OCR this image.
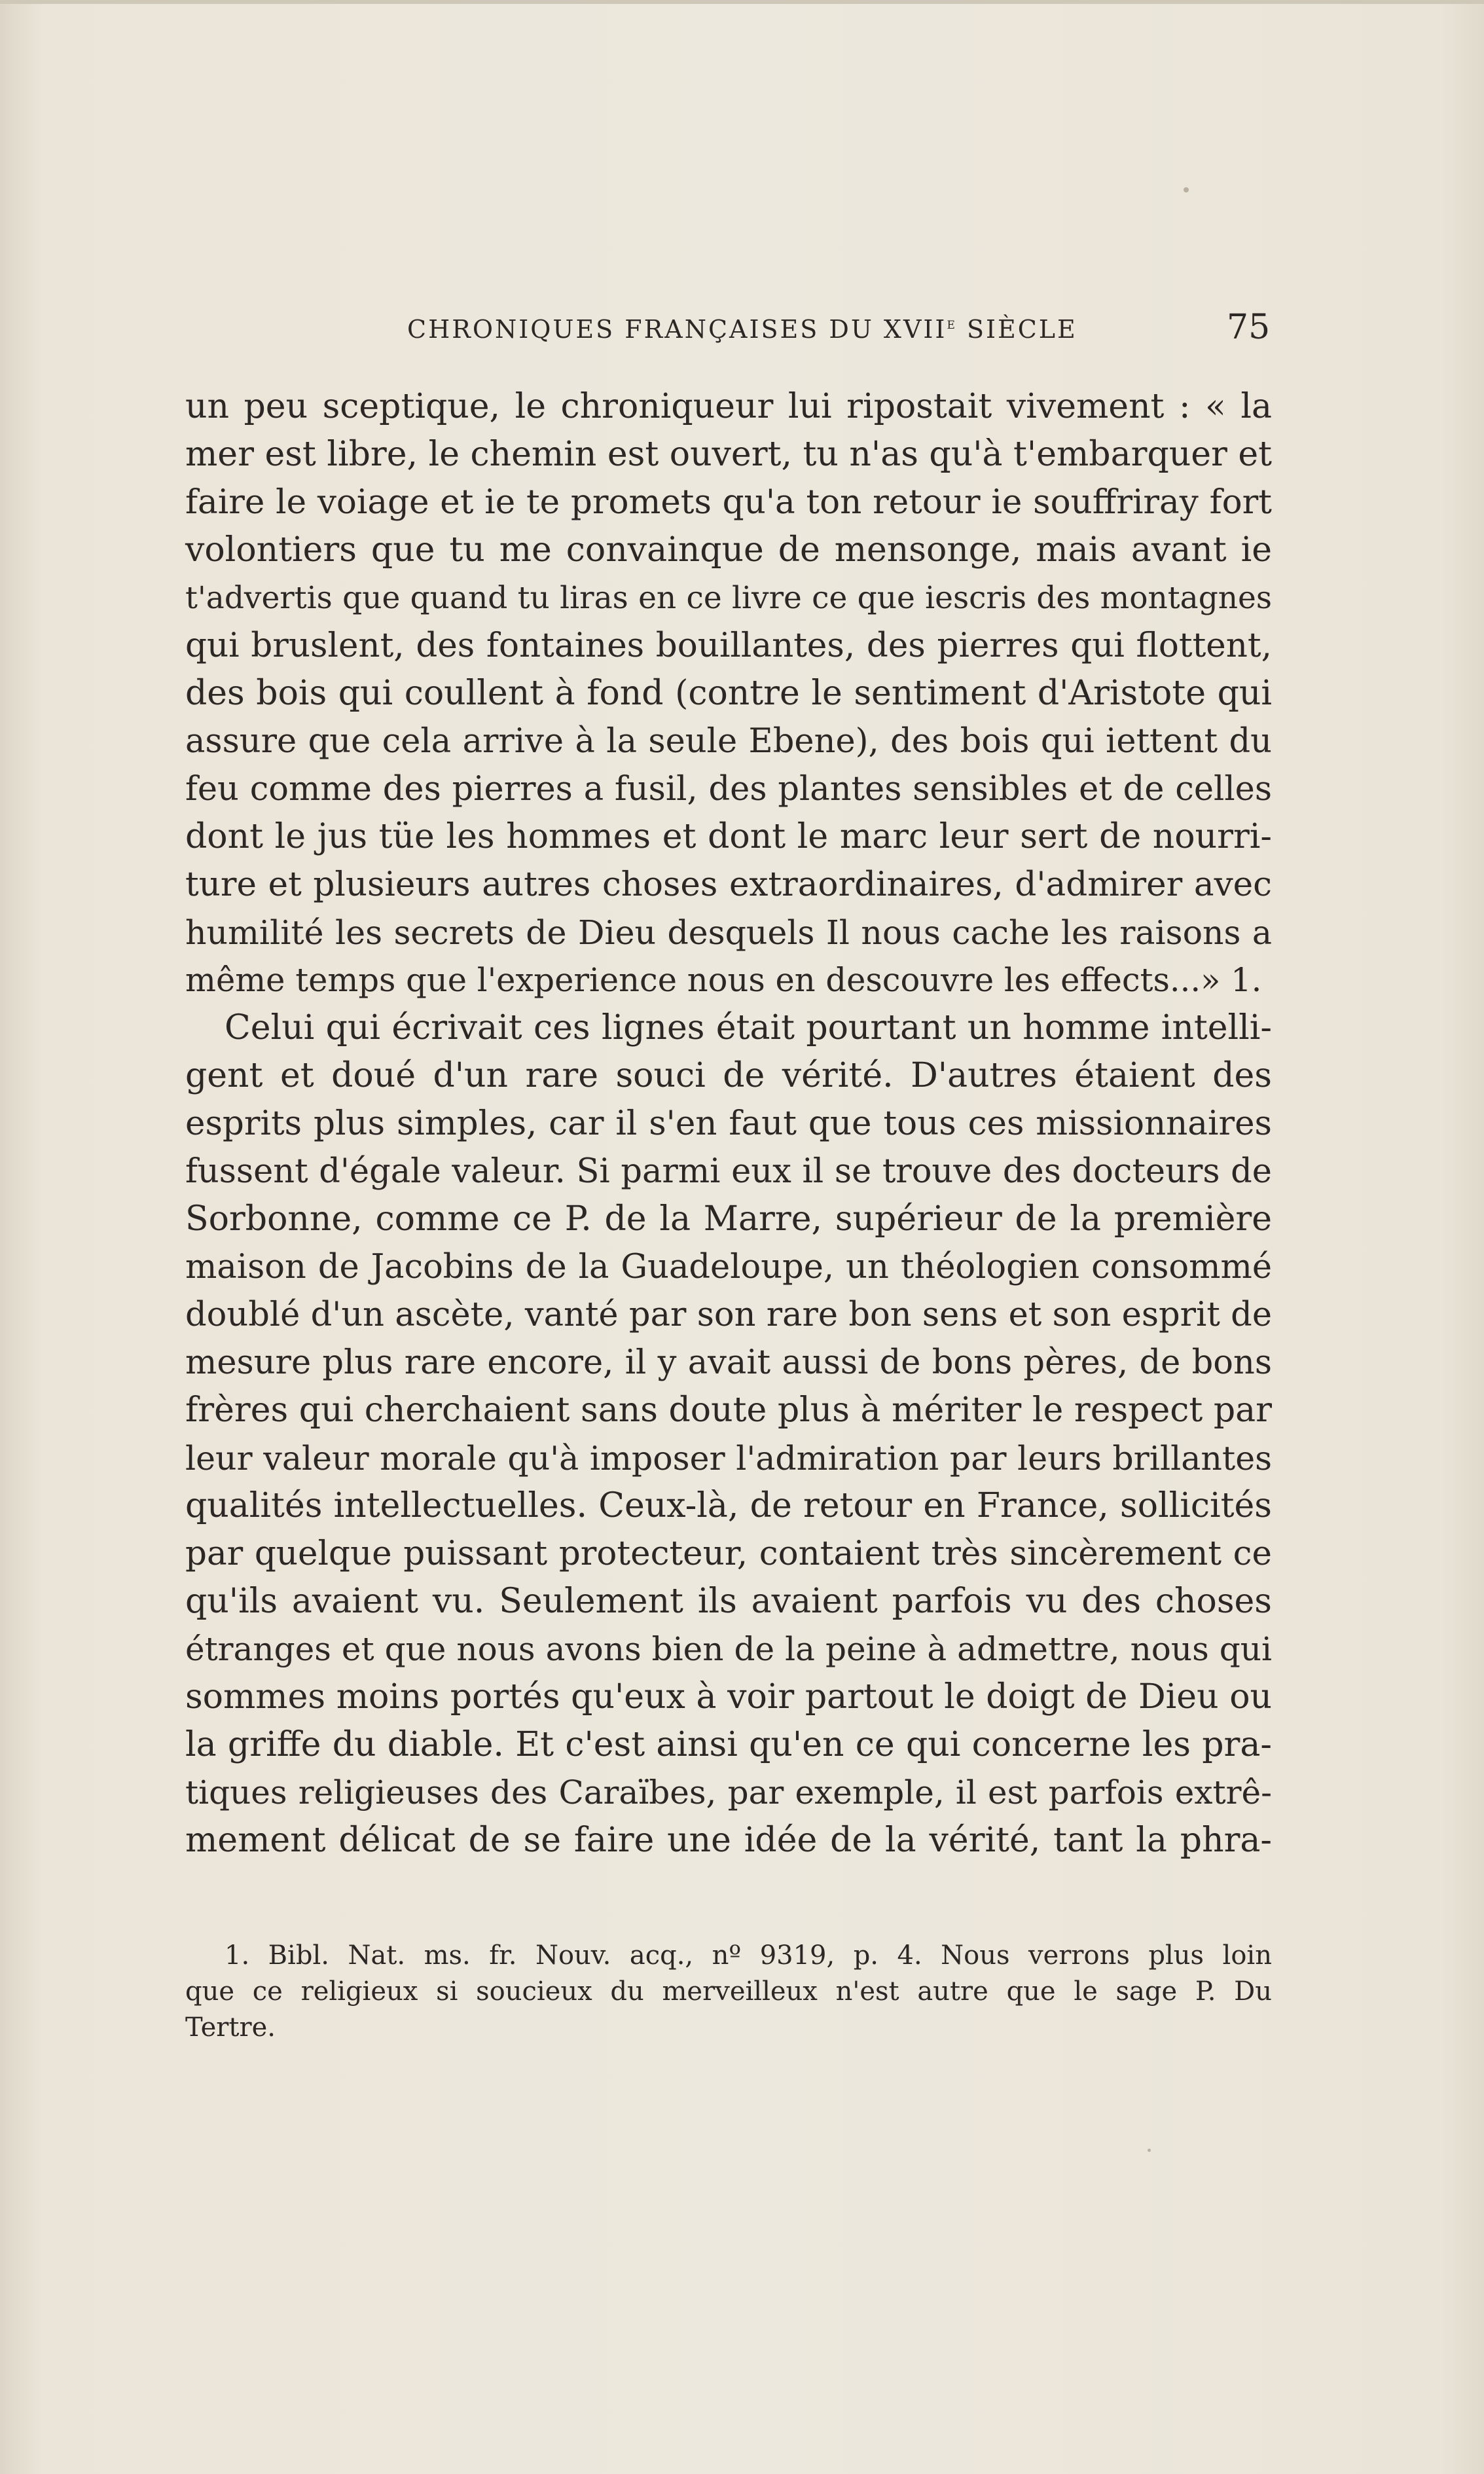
CHRONIQUES FRANÇAISES DU XVIIe SIÈCLE	75
un peu sceptique, le chroniqueur lui ripostait vivement : « la
mer est libre, le chemin est ouvert, tu n'as qu'à t'embarquer et
faire le voiage et ie te promets qu'a ton retour ie souffriray fort
volontiers que tu me convainque de mensonge, mais avant ie
t'advertis que quand tu liras en ce livre ce que iescris des montagnes
qui bruslent, des fontaines bouillantes, des pierres qui flottent,
des bois qui coullent à fond (contre le sentiment d'Aristote qui
assure que cela arrive à la seule Ebene), des bois qui iettent du
feu comme des pierres a fusil, des plantes sensibles et de celles
dont le jus tüe les hommes et dont le marc leur sert de nourri-
ture et plusieurs autres choses extraordinaires, d'admirer avec
humilité les secrets de Dieu desquels Il nous cache les raisons a
même temps que l'experience nous en descouvre les effects...» 1.
Celui qui écrivait ces lignes était pourtant un homme intelli-
gent et doué d'un rare souci de vérité. D'autres étaient des
esprits plus simples, car il s'en faut que tous ces missionnaires
fussent d'égale valeur. Si parmi eux il se trouve des docteurs de
Sorbonne, comme ce P. de la Marre, supérieur de la première
maison de Jacobins de la Guadeloupe, un théologien consommé
doublé d'un ascète, vanté par son rare bon sens et son esprit de
mesure plus rare encore, il y avait aussi de bons pères, de bons
frères qui cherchaient sans doute plus à mériter le respect par
leur valeur morale qu'à imposer l'admiration par leurs brillantes
qualités intellectuelles. Ceux-là, de retour en France, sollicités
par quelque puissant protecteur, contaient très sincèrement ce
qu'ils avaient vu. Seulement ils avaient parfois vu des choses
étranges et que nous avons bien de la peine à admettre, nous qui
sommes moins portés qu'eux à voir partout le doigt de Dieu ou
la griffe du diable. Et c'est ainsi qu'en ce qui concerne les pra-
tiques religieuses des Caraïbes, par exemple, il est parfois extrê-
mement délicat de se faire une idée de la vérité, tant la phra-
1. Bibl. Nat. ms. fr. Nouv. acq., nº 9319, p. 4. Nous verrons plus loin
que ce religieux si soucieux du merveilleux n'est autre que le sage P. Du
Tertre.
